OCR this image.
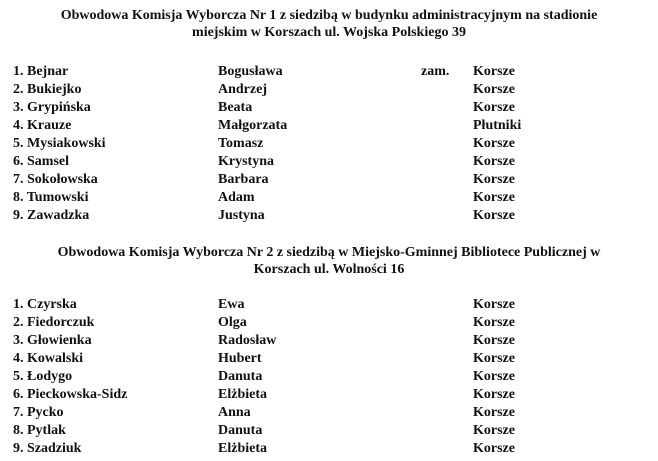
Obwodowa Komisja Wyborcza Nr 1 z siedzibą w budynku administracyjnym na stadionie
miejskim w Korszach ul. Wojska Polskiego 39
1. Bejnar	Bogusława	zam. Korsze
2. Bukiejko	Andrzej	Korsze
3. Grypińska	Beata	Korsze
4. Krauze	Małgorzata	Płutniki
5. Mysiakowski	Tomasz	Korsze
6. Samsel	Krystyna	Korsze
7. Sokołowska	Barbara	Korsze
8. Tumowski	Adam	Korsze
9. Zawadzka	Justyna	Korsze
Obwodowa Komisja Wyborcza Nr 2 z siedzibą w Miejsko-Gminnej Bibliotece Publicznej w
Korszach ul. Wolności 16
1. Czyrska	Ewa	Korsze
2. Fiedorczuk	Olga	Korsze
3. Głowienka	Radosław	Korsze
4. Kowalski	Hubert	Korsze
5. Łodygo	Danuta	Korsze
6. Pieckowska-Sidz	Elżbieta	Korsze
7. Pycko	Anna	Korsze
8. Pytlak	Danuta	Korsze
9. Szadziuk	Elżbieta	Korsze
